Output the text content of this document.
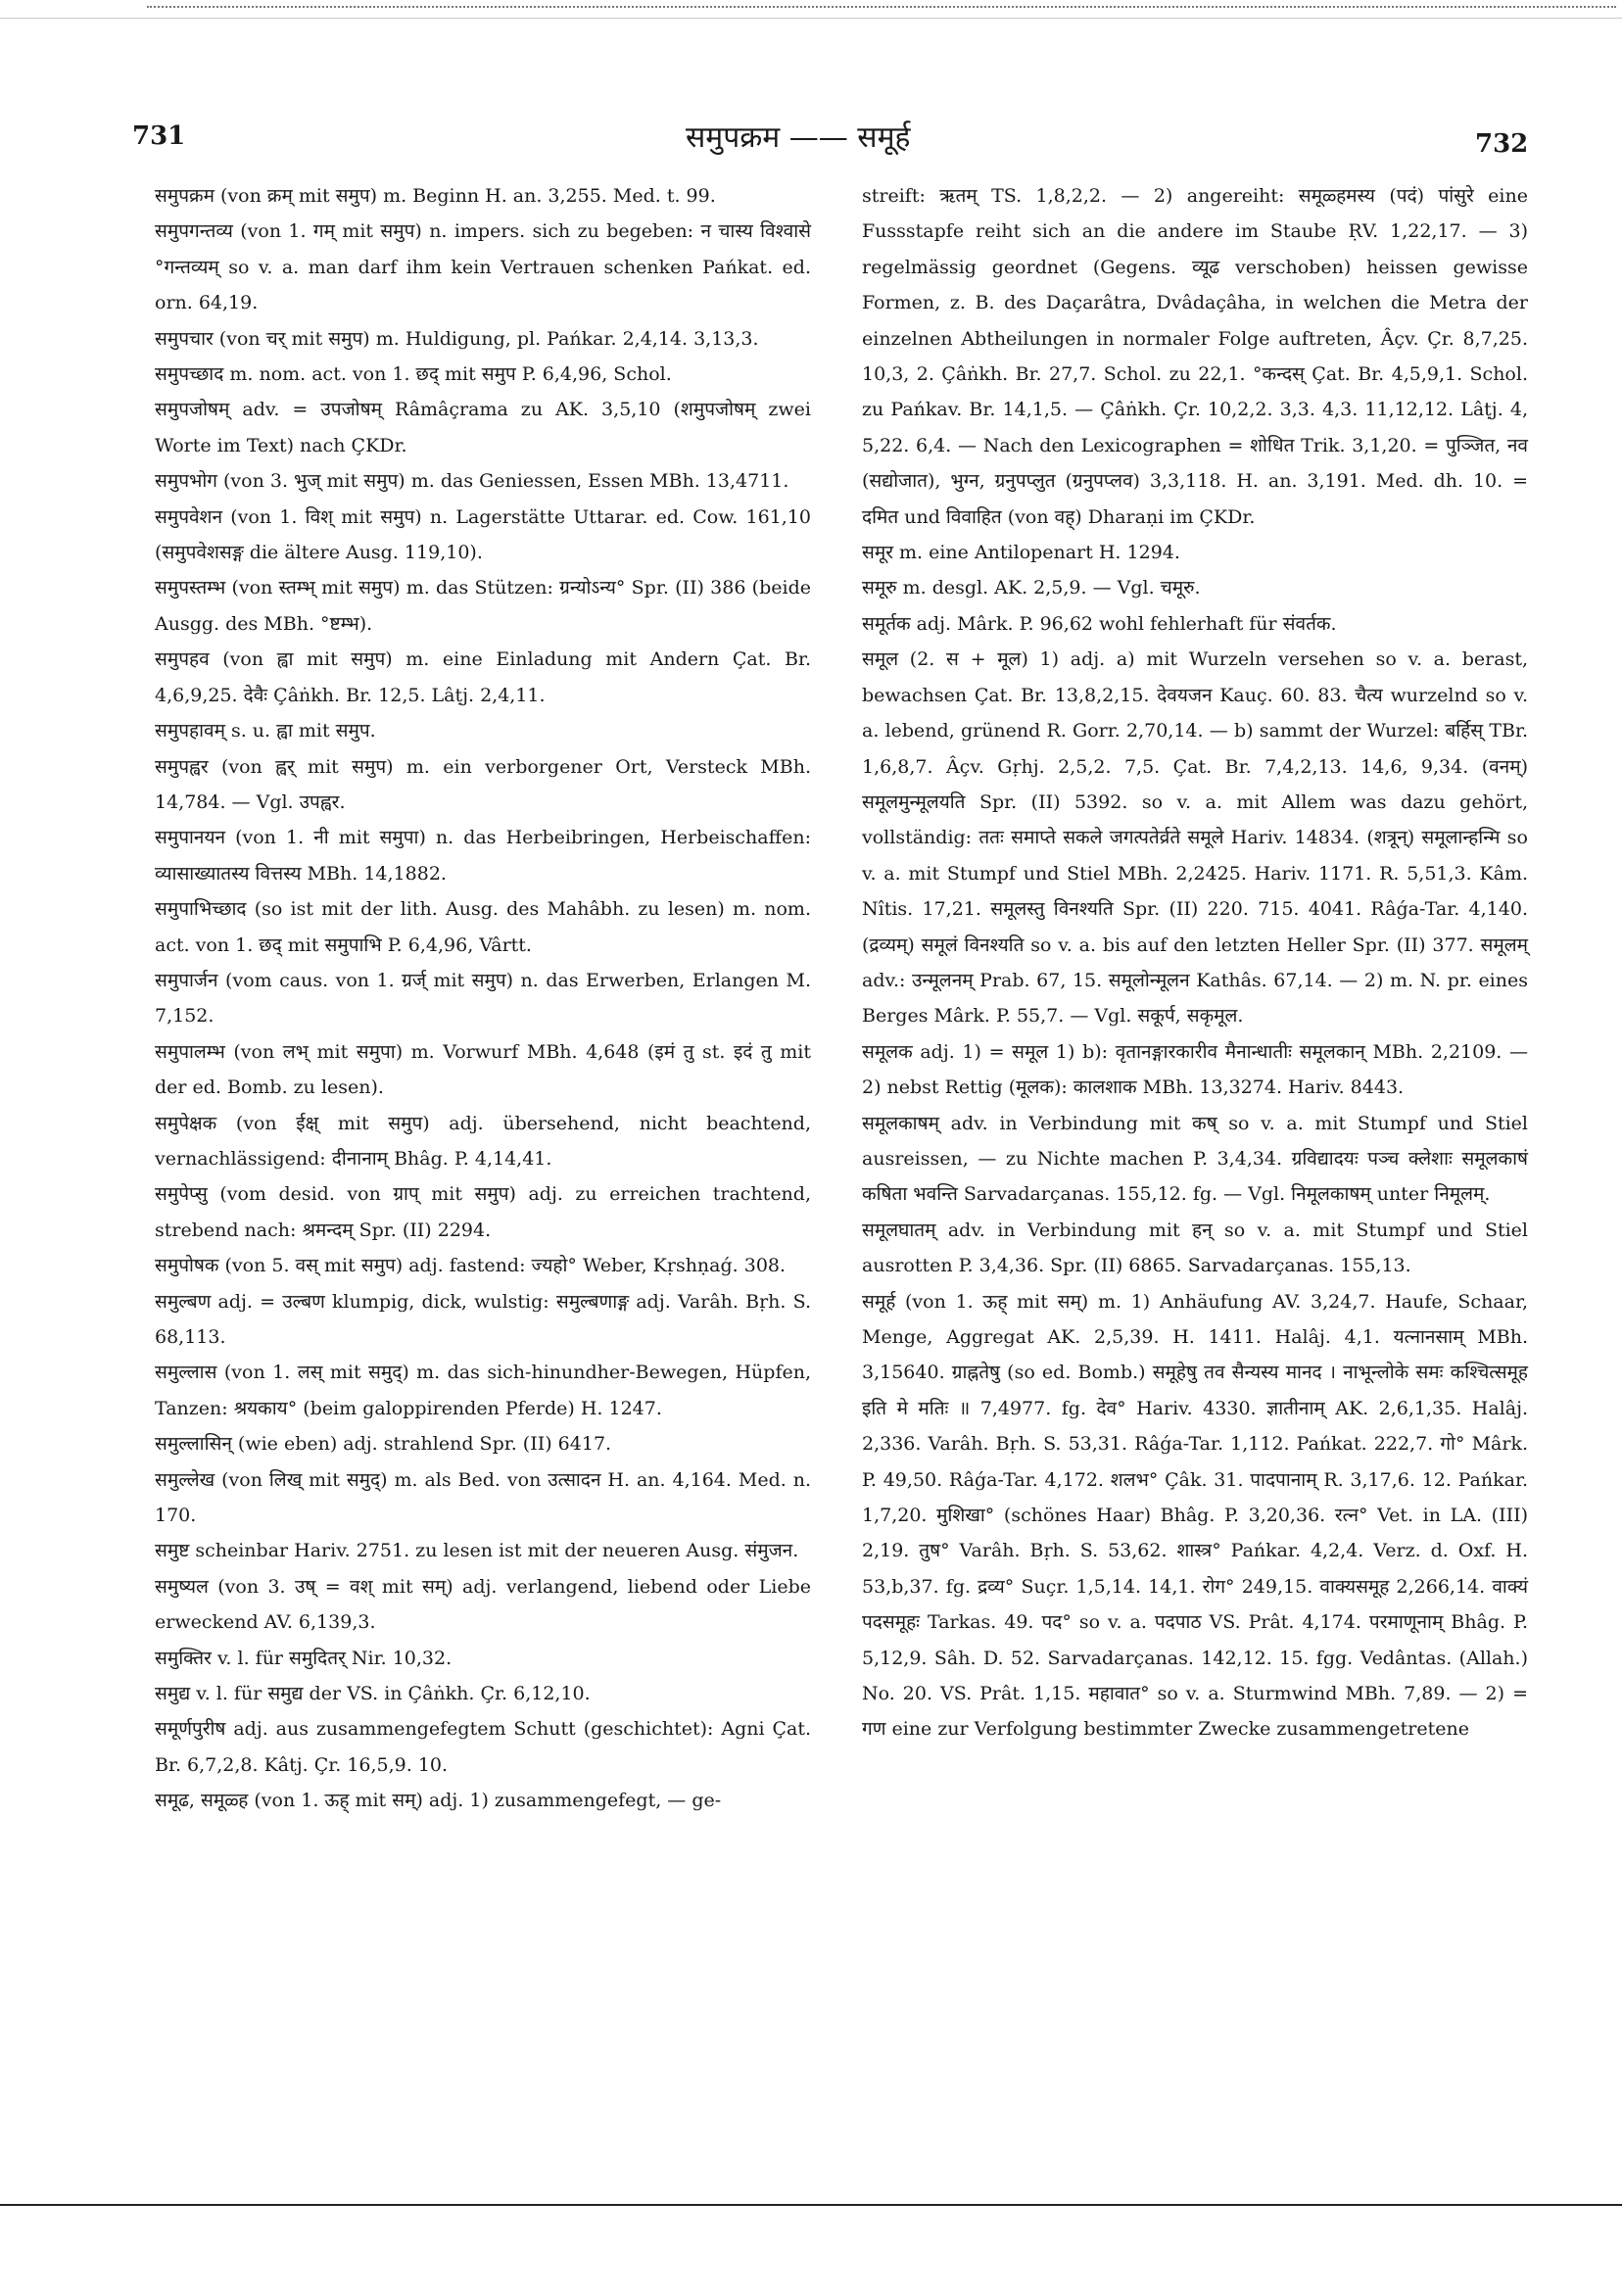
731	समुपक्रम —— समूर्ह	732

समुपक्रम (von क्रम् mit समुप) m. Beginn H. an. 3,255. Med. t. 99.

समुपगन्तव्य (von 1. गम् mit समुप) n. impers. sich zu begeben: न चास्य विश्वासे °गन्तव्यम् so v. a. man darf ihm kein Vertrauen schenken Pańkat. ed. orn. 64,19.

समुपचार (von चर् mit समुप) m. Huldigung, pl. Pańkar. 2,4,14. 3,13,3.

समुपच्छाद m. nom. act. von 1. छद् mit समुप P. 6,4,96, Schol.

समुपजोषम् adv. = उपजोषम् Râmâçrama zu AK. 3,5,10 (शमुपजोषम् zwei Worte im Text) nach ÇKDr.

समुपभोग (von 3. भुज् mit समुप) m. das Geniessen, Essen MBh. 13,4711.

समुपवेशन (von 1. विश् mit समुप) n. Lagerstätte Uttarar. ed. Cow. 161,10 (समुपवेशसङ्ग die ältere Ausg. 119,10).

समुपस्तम्भ (von स्तम्भ् mit समुप) m. das Stützen: ग्रन्योऽन्य° Spr. (II) 386 (beide Ausgg. des MBh. °ष्टम्भ).

समुपहव (von ह्वा mit समुप) m. eine Einladung mit Andern Çat. Br. 4,6,9,25. देवैः Çâṅkh. Br. 12,5. Lâṭj. 2,4,11.

समुपहावम् s. u. ह्वा mit समुप.

समुपह्वर (von ह्वर् mit समुप) m. ein verborgener Ort, Versteck MBh. 14,784. — Vgl. उपह्वर.

समुपानयन (von 1. नी mit समुपा) n. das Herbeibringen, Herbeischaffen: व्यासाख्यातस्य वित्तस्य MBh. 14,1882.

समुपाभिच्छाद (so ist mit der lith. Ausg. des Mahâbh. zu lesen) m. nom. act. von 1. छद् mit समुपाभि P. 6,4,96, Vârtt.

समुपार्जन (vom caus. von 1. ग्रर्ज् mit समुप) n. das Erwerben, Erlangen M. 7,152.

समुपालम्भ (von लभ् mit समुपा) m. Vorwurf MBh. 4,648 (इमं तु st. इदं तु mit der ed. Bomb. zu lesen).

समुपेक्षक (von ईक्ष् mit समुप) adj. übersehend, nicht beachtend, vernachlässigend: दीनानाम् Bhâg. P. 4,14,41.

समुपेप्सु (vom desid. von ग्राप् mit समुप) adj. zu erreichen trachtend, strebend nach: श्रमन्दम् Spr. (II) 2294.

समुपोषक (von 5. वस् mit समुप) adj. fastend: ज्यहो° Weber, Kṛshṇaǵ. 308.

समुल्बण adj. = उल्बण klumpig, dick, wulstig: समुल्बणाङ्ग adj. Varâh. Bṛh. S. 68,113.

समुल्लास (von 1. लस् mit समुद्) m. das sich-hinundher-Bewegen, Hüpfen, Tanzen: श्रयकाय° (beim galoppirenden Pferde) H. 1247.

समुल्लासिन् (wie eben) adj. strahlend Spr. (II) 6417.

समुल्लेख (von लिख् mit समुद्) m. als Bed. von उत्सादन H. an. 4,164. Med. n. 170.

समुष्ट scheinbar Hariv. 2751. zu lesen ist mit der neueren Ausg. संमुजन.

समुष्यल (von 3. उष् = वश् mit सम्) adj. verlangend, liebend oder Liebe erweckend AV. 6,139,3.

समुक्तिर v. l. für समुदितर् Nir. 10,32.

समुद्य v. l. für समुद्य der VS. in Çâṅkh. Çr. 6,12,10.

समूर्णपुरीष adj. aus zusammengefegtem Schutt (geschichtet): Agni Çat. Br. 6,7,2,8. Kâtj. Çr. 16,5,9. 10.

समूढ, समूळ्ह (von 1. ऊह् mit सम्) adj. 1) zusammengefegt, — ge-

streift: ऋतम् TS. 1,8,2,2. — 2) angereiht: समूळ्हमस्य (पदं) पांसुरे eine Fussstapfe reiht sich an die andere im Staube ṚV. 1,22,17. — 3) regelmässig geordnet (Gegens. व्यूढ verschoben) heissen gewisse Formen, z. B. des Daçarâtra, Dvâdaçâha, in welchen die Metra der einzelnen Abtheilungen in normaler Folge auftreten, Âçv. Çr. 8,7,25. 10,3, 2. Çâṅkh. Br. 27,7. Schol. zu 22,1. °कन्दस् Çat. Br. 4,5,9,1. Schol. zu Pańkav. Br. 14,1,5. — Çâṅkh. Çr. 10,2,2. 3,3. 4,3. 11,12,12. Lâṭj. 4, 5,22. 6,4. — Nach den Lexicographen = शोधित Trik. 3,1,20. = पुञ्जित, नव (सद्योजात), भुग्न, ग्रनुपप्लुत (ग्रनुपप्लव) 3,3,118. H. an. 3,191. Med. dh. 10. = दमित und विवाहित (von वह्) Dharaṇi im ÇKDr.

समूर m. eine Antilopenart H. 1294.

समूरु m. desgl. AK. 2,5,9. — Vgl. चमूरु.

समूर्तक adj. Mârk. P. 96,62 wohl fehlerhaft für संवर्तक.

समूल (2. स + मूल) 1) adj. a) mit Wurzeln versehen so v. a. berast, bewachsen Çat. Br. 13,8,2,15. देवयजन Kauç. 60. 83. चैत्य wurzelnd so v. a. lebend, grünend R. Gorr. 2,70,14. — b) sammt der Wurzel: बर्हिस् TBr. 1,6,8,7. Âçv. Gṛhj. 2,5,2. 7,5. Çat. Br. 7,4,2,13. 14,6, 9,34. (वनम्) समूलमुन्मूलयति Spr. (II) 5392. so v. a. mit Allem was dazu gehört, vollständig: ततः समाप्ते सकले जगत्पतेर्व्रते समूले Hariv. 14834. (शत्रून्) समूलान्हन्मि so v. a. mit Stumpf und Stiel MBh. 2,2425. Hariv. 1171. R. 5,51,3. Kâm. Nîtis. 17,21. समूलस्तु विनश्यति Spr. (II) 220. 715. 4041. Râǵa-Tar. 4,140. (द्रव्यम्) समूलं विनश्यति so v. a. bis auf den letzten Heller Spr. (II) 377. समूलम् adv.: उन्मूलनम् Prab. 67, 15. समूलोन्मूलन Kathâs. 67,14. — 2) m. N. pr. eines Berges Mârk. P. 55,7. — Vgl. सकूर्प, सकृमूल.

समूलक adj. 1) = समूल 1) b): वृतानङ्गारकारीव मैनान्धातीः समूलकान् MBh. 2,2109. — 2) nebst Rettig (मूलक): कालशाक MBh. 13,3274. Hariv. 8443.

समूलकाषम् adv. in Verbindung mit कष् so v. a. mit Stumpf und Stiel ausreissen, — zu Nichte machen P. 3,4,34. ग्रविद्यादयः पञ्च क्लेशाः समूलकाषं कषिता भवन्ति Sarvadarçanas. 155,12. fg. — Vgl. निमूलकाषम् unter निमूलम्.

समूलघातम् adv. in Verbindung mit हन् so v. a. mit Stumpf und Stiel ausrotten P. 3,4,36. Spr. (II) 6865. Sarvadarçanas. 155,13.

समूर्ह (von 1. ऊह् mit सम्) m. 1) Anhäufung AV. 3,24,7. Haufe, Schaar, Menge, Aggregat AK. 2,5,39. H. 1411. Halâj. 4,1. यत्नानसाम् MBh. 3,15640. ग्राह्नतेषु (so ed. Bomb.) समूहेषु तव सैन्यस्य मानद । नाभून्लोके समः कश्चित्समूह इति मे मतिः ॥ 7,4977. fg. देव° Hariv. 4330. ज्ञातीनाम् AK. 2,6,1,35. Halâj. 2,336. Varâh. Bṛh. S. 53,31. Râǵa-Tar. 1,112. Pańkat. 222,7. गो° Mârk. P. 49,50. Râǵa-Tar. 4,172. शलभ° Çâk. 31. पादपानाम् R. 3,17,6. 12. Pańkar. 1,7,20. मुशिखा° (schönes Haar) Bhâg. P. 3,20,36. रत्न° Vet. in LA. (III) 2,19. तुष° Varâh. Bṛh. S. 53,62. शास्त्र° Pańkar. 4,2,4. Verz. d. Oxf. H. 53,b,37. fg. द्रव्य° Suçr. 1,5,14. 14,1. रोग° 249,15. वाक्यसमूह 2,266,14. वाक्यं पदसमूहः Tarkas. 49. पद° so v. a. पदपाठ VS. Prât. 4,174. परमाणूनाम् Bhâg. P. 5,12,9. Sâh. D. 52. Sarvadarçanas. 142,12. 15. fgg. Vedântas. (Allah.) No. 20. VS. Prât. 1,15. महावात° so v. a. Sturmwind MBh. 7,89. — 2) = गण eine zur Verfolgung bestimmter Zwecke zusammengetretene
